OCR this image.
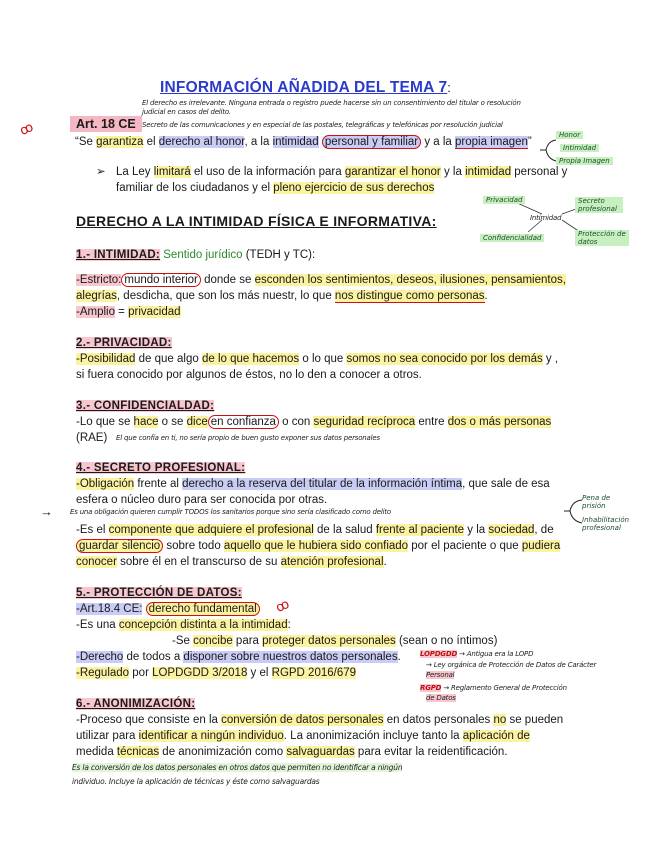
INFORMACIÓN AÑADIDA DEL TEMA 7:
El derecho es irrelevante. Ninguna entrada o registro puede hacerse sin un consentimiento del titular o resolución
judicial en casos del delito.
ꝏ	Art. 18 CE Secreto de las comunicaciones y en especial de las postales, telegráficas y telefónicas por resolución judicial
“Se garantiza el derecho al honor, a la intimidad personal y familiar y a la propia imagen”
Honor
Intimidad
Propia Imagen
➢ La Ley limitará el uso de la información para garantizar el honor y la intimidad personal y
familiar de los ciudadanos y el pleno ejercicio de sus derechos
Privacidad	Secreto profesional
Intimidad
Confidencialidad	Protección de datos
DERECHO A LA INTIMIDAD FÍSICA E INFORMATIVA:
1.- INTIMIDAD: Sentido jurídico (TEDH y TC):
-Estricto: mundo interior donde se esconden los sentimientos, deseos, ilusiones, pensamientos,
alegrías, desdicha, que son los más nuestr, lo que nos distingue como personas.
-Amplio = privacidad
2.- PRIVACIDAD:
-Posibilidad de que algo de lo que hacemos o lo que somos no sea conocido por los demás y ,
si fuera conocido por algunos de éstos, no lo den a conocer a otros.
3.- CONFIDENCIALDAD:
-Lo que se hace o se dice en confianza o con seguridad recíproca entre dos o más personas
(RAE) El que confía en ti, no sería propio de buen gusto exponer sus datos personales
4.- SECRETO PROFESIONAL:
-Obligación frente al derecho a la reserva del titular de la información íntima, que sale de esa
esfera o núcleo duro para ser conocida por otras.
→ Es una obligación quieren cumplir TODOS los sanitarios porque sino sería clasificado como delito
Pena de prisión
Inhabilitación profesional
-Es el componente que adquiere el profesional de la salud frente al paciente y la sociedad, de
guardar silencio sobre todo aquello que le hubiera sido confiado por el paciente o que pudiera
conocer sobre él en el transcurso de su atención profesional.
5.- PROTECCIÓN DE DATOS:
-Art.18.4 CE: derecho fundamental ꝏ
-Es una concepción distinta a la intimidad:
-Se concibe para proteger datos personales (sean o no íntimos)
-Derecho de todos a disponer sobre nuestros datos personales.
-Regulado por LOPDGDD 3/2018 y el RGPD 2016/679
LOPDGDD → Antigua era la LOPD
→ Ley orgánica de Protección de Datos de Carácter
Personal
RGPD → Reglamento General de Protección
de Datos
6.- ANONIMIZACIÓN:
-Proceso que consiste en la conversión de datos personales en datos personales no se pueden
utilizar para identificar a ningún individuo. La anonimización incluye tanto la aplicación de
medida técnicas de anonimización como salvaguardas para evitar la reidentificación.
Es la conversión de los datos personales en otros datos que permiten no identificar a ningún
individuo. Incluye la aplicación de técnicas y éste como salvaguardas
